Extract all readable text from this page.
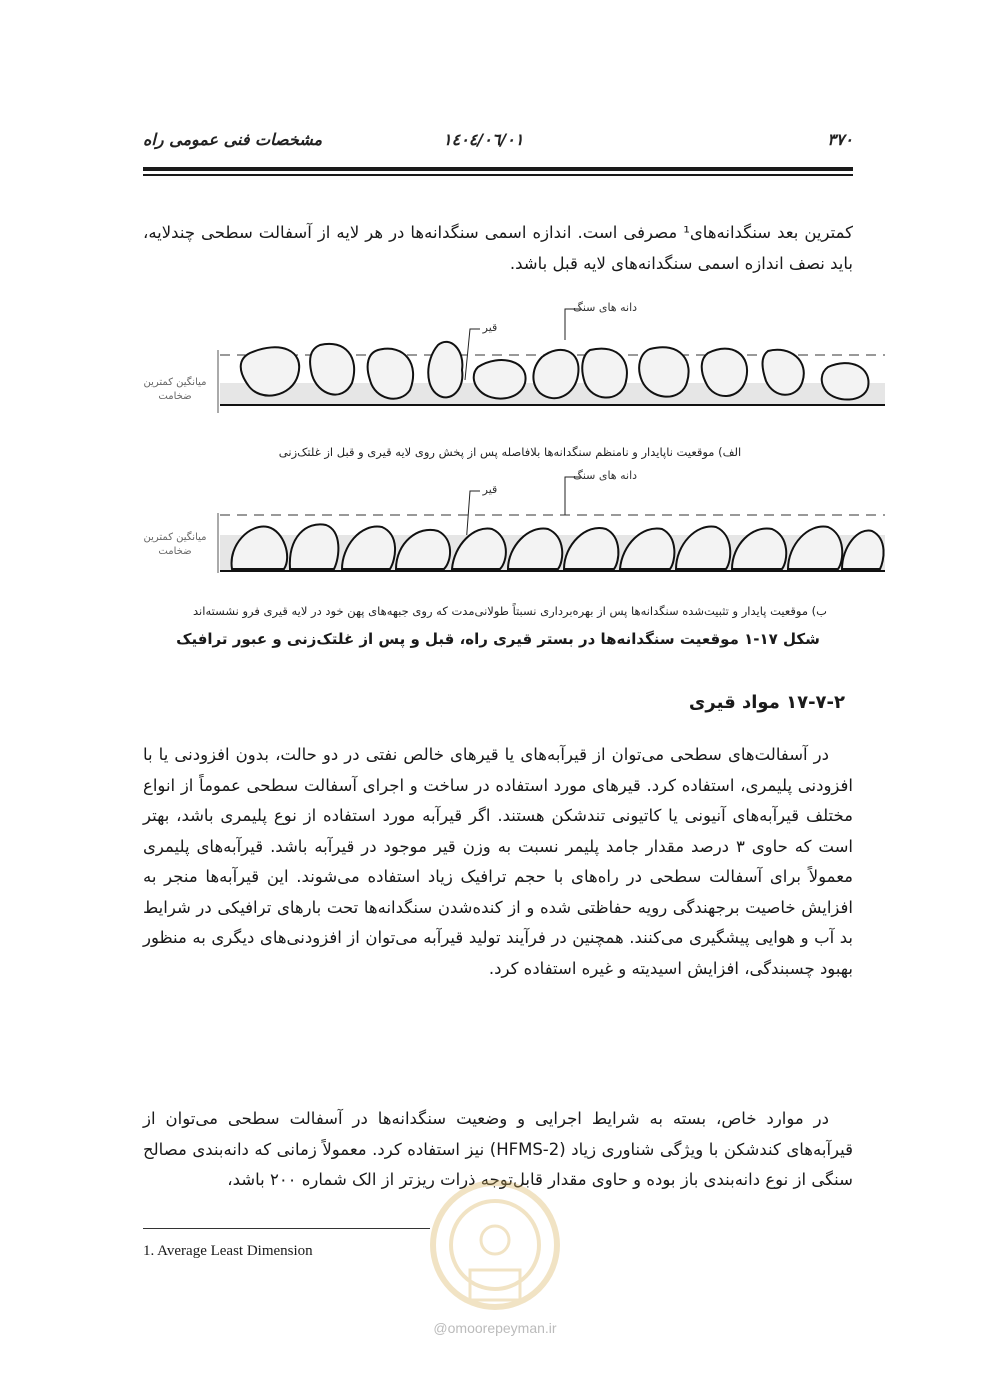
۳۷۰
۱٤۰٤/۰٦/۰۱
مشخصات فنی عمومی راه
کمترین بعد سنگدانه‌های¹ مصرفی است. اندازه اسمی سنگدانه‌ها در هر لایه از آسفالت سطحی چندلایه، باید نصف اندازه اسمی سنگدانه‌های لایه قبل باشد.
دانه های سنگ
قیر
میانگین کمترین
ضخامت
الف) موقعیت ناپایدار و نامنظم سنگدانه‌ها بلافاصله پس از پخش روی لایه قیری و قبل از غلتک‌زنی
دانه های سنگ
قیر
میانگین کمترین
ضخامت
ب) موقعیت پایدار و تثبیت‌شده سنگدانه‌ها پس از بهره‌برداری نسبتاً طولانی‌مدت که روی جبهه‌های پهن خود در لایه قیری فرو نشسته‌اند
شکل ۱۷-۱ موقعیت سنگدانه‌ها در بستر قیری راه، قبل و پس از غلتک‌زنی و عبور ترافیک
۱۷-۷-۲ مواد قیری
در آسفالت‌های سطحی می‌توان از قیرآبه‌های یا قیرهای خالص نفتی در دو حالت، بدون افزودنی یا با افزودنی پلیمری، استفاده کرد. قیرهای مورد استفاده در ساخت و اجرای آسفالت سطحی عموماً از انواع مختلف قیرآبه‌های آنیونی یا کاتیونی تندشکن هستند. اگر قیرآبه مورد استفاده از نوع پلیمری باشد، بهتر است که حاوی ۳ درصد مقدار جامد پلیمر نسبت به وزن قیر موجود در قیرآبه باشد. قیرآبه‌های پلیمری معمولاً برای آسفالت سطحی در راه‌های با حجم ترافیک زیاد استفاده می‌شوند. این قیرآبه‌ها منجر به افزایش خاصیت برجهندگی رویه حفاظتی شده و از کنده‌شدن سنگدانه‌ها تحت بارهای ترافیکی در شرایط بد آب و هوایی پیشگیری می‌کنند. همچنین در فرآیند تولید قیرآبه می‌توان از افزودنی‌های دیگری به منظور بهبود چسبندگی، افزایش اسیدیته و غیره استفاده کرد.
در موارد خاص، بسته به شرایط اجرایی و وضعیت سنگدانه‌ها در آسفالت سطحی می‌توان از قیرآبه‌های کندشکن با ویژگی شناوری زیاد (HFMS-2) نیز استفاده کرد. معمولاً زمانی که دانه‌بندی مصالح سنگی از نوع دانه‌بندی باز بوده و حاوی مقدار قابل‌توجه ذرات ریزتر از الک شماره ۲۰۰ باشد،
1. Average Least Dimension
@omoorepeyman.ir
